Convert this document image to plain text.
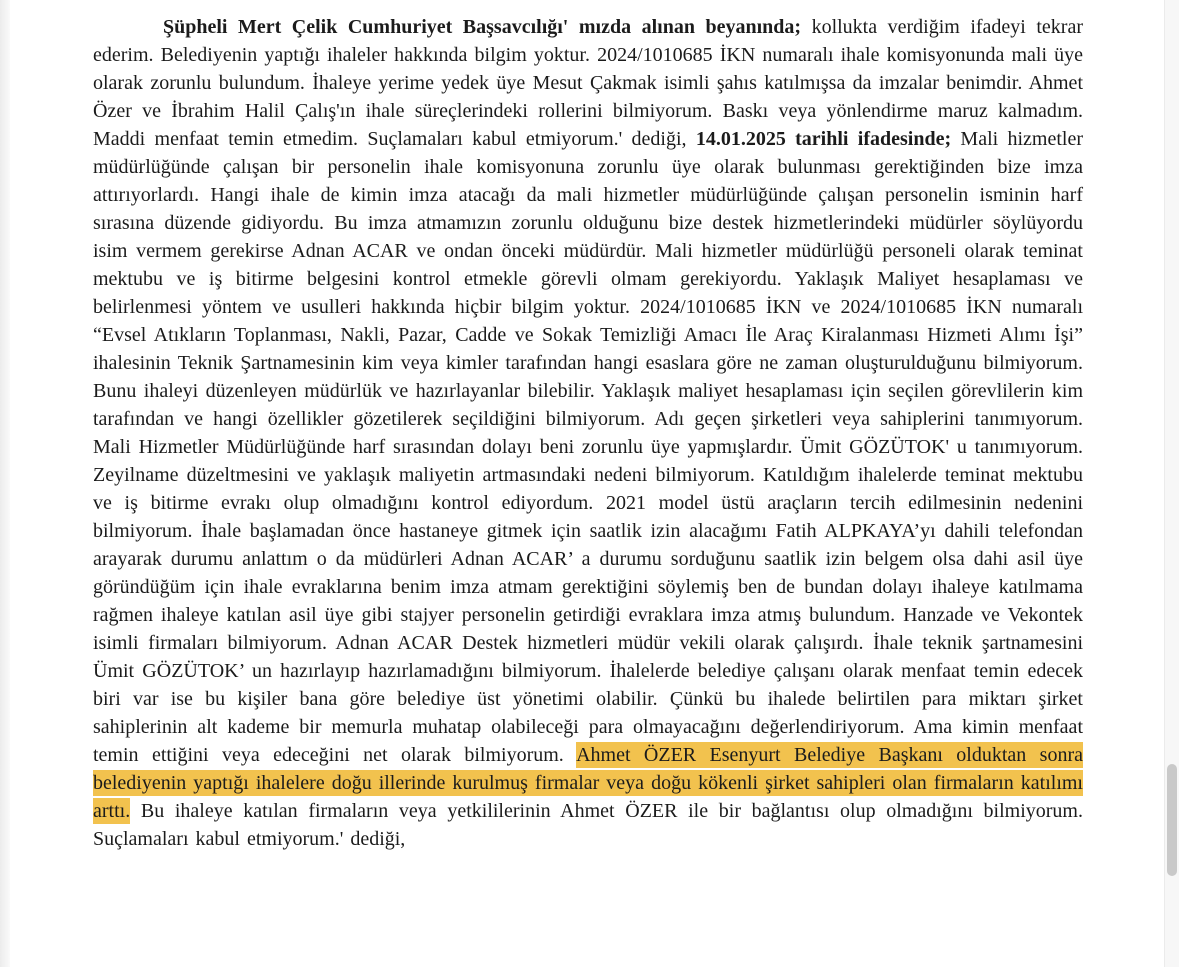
Şüpheli Mert Çelik Cumhuriyet Başsavcılığı' mızda alınan beyanında; kollukta verdiğim ifadeyi tekrar ederim. Belediyenin yaptığı ihaleler hakkında bilgim yoktur. 2024/1010685 İKN numaralı ihale komisyonunda mali üye olarak zorunlu bulundum. İhaleye yerime yedek üye Mesut Çakmak isimli şahıs katılmışsa da imzalar benimdir. Ahmet Özer ve İbrahim Halil Çalış'ın ihale süreçlerindeki rollerini bilmiyorum. Baskı veya yönlendirme maruz kalmadım. Maddi menfaat temin etmedim. Suçlamaları kabul etmiyorum.' dediği, 14.01.2025 tarihli ifadesinde; Mali hizmetler müdürlüğünde çalışan bir personelin ihale komisyonuna zorunlu üye olarak bulunması gerektiğinden bize imza attırıyorlardı. Hangi ihale de kimin imza atacağı da mali hizmetler müdürlüğünde çalışan personelin isminin harf sırasına düzende gidiyordu. Bu imza atmamızın zorunlu olduğunu bize destek hizmetlerindeki müdürler söylüyordu isim vermem gerekirse Adnan ACAR ve ondan önceki müdürdür. Mali hizmetler müdürlüğü personeli olarak teminat mektubu ve iş bitirme belgesini kontrol etmekle görevli olmam gerekiyordu. Yaklaşık Maliyet hesaplaması ve belirlenmesi yöntem ve usulleri hakkında hiçbir bilgim yoktur. 2024/1010685 İKN ve 2024/1010685 İKN numaralı “Evsel Atıkların Toplanması, Nakli, Pazar, Cadde ve Sokak Temizliği Amacı İle Araç Kiralanması Hizmeti Alımı İşi” ihalesinin Teknik Şartnamesinin kim veya kimler tarafından hangi esaslara göre ne zaman oluşturulduğunu bilmiyorum. Bunu ihaleyi düzenleyen müdürlük ve hazırlayanlar bilebilir. Yaklaşık maliyet hesaplaması için seçilen görevlilerin kim tarafından ve hangi özellikler gözetilerek seçildiğini bilmiyorum. Adı geçen şirketleri veya sahiplerini tanımıyorum. Mali Hizmetler Müdürlüğünde harf sırasından dolayı beni zorunlu üye yapmışlardır. Ümit GÖZÜTOK' u tanımıyorum. Zeyilname düzeltmesini ve yaklaşık maliyetin artmasındaki nedeni bilmiyorum. Katıldığım ihalelerde teminat mektubu ve iş bitirme evrakı olup olmadığını kontrol ediyordum. 2021 model üstü araçların tercih edilmesinin nedenini bilmiyorum. İhale başlamadan önce hastaneye gitmek için saatlik izin alacağımı Fatih ALPKAYA’yı dahili telefondan arayarak durumu anlattım o da müdürleri Adnan ACAR’ a durumu sorduğunu saatlik izin belgem olsa dahi asil üye göründüğüm için ihale evraklarına benim imza atmam gerektiğini söylemiş ben de bundan dolayı ihaleye katılmama rağmen ihaleye katılan asil üye gibi stajyer personelin getirdiği evraklara imza atmış bulundum. Hanzade ve Vekontek isimli firmaları bilmiyorum. Adnan ACAR Destek hizmetleri müdür vekili olarak çalışırdı. İhale teknik şartnamesini Ümit GÖZÜTOK’ un hazırlayıp hazırlamadığını bilmiyorum. İhalelerde belediye çalışanı olarak menfaat temin edecek biri var ise bu kişiler bana göre belediye üst yönetimi olabilir. Çünkü bu ihalede belirtilen para miktarı şirket sahiplerinin alt kademe bir memurla muhatap olabileceği para olmayacağını değerlendiriyorum. Ama kimin menfaat temin ettiğini veya edeceğini net olarak bilmiyorum. Ahmet ÖZER Esenyurt Belediye Başkanı olduktan sonra belediyenin yaptığı ihalelere doğu illerinde kurulmuş firmalar veya doğu kökenli şirket sahipleri olan firmaların katılımı arttı. Bu ihaleye katılan firmaların veya yetkililerinin Ahmet ÖZER ile bir bağlantısı olup olmadığını bilmiyorum. Suçlamaları kabul etmiyorum.' dediği,
